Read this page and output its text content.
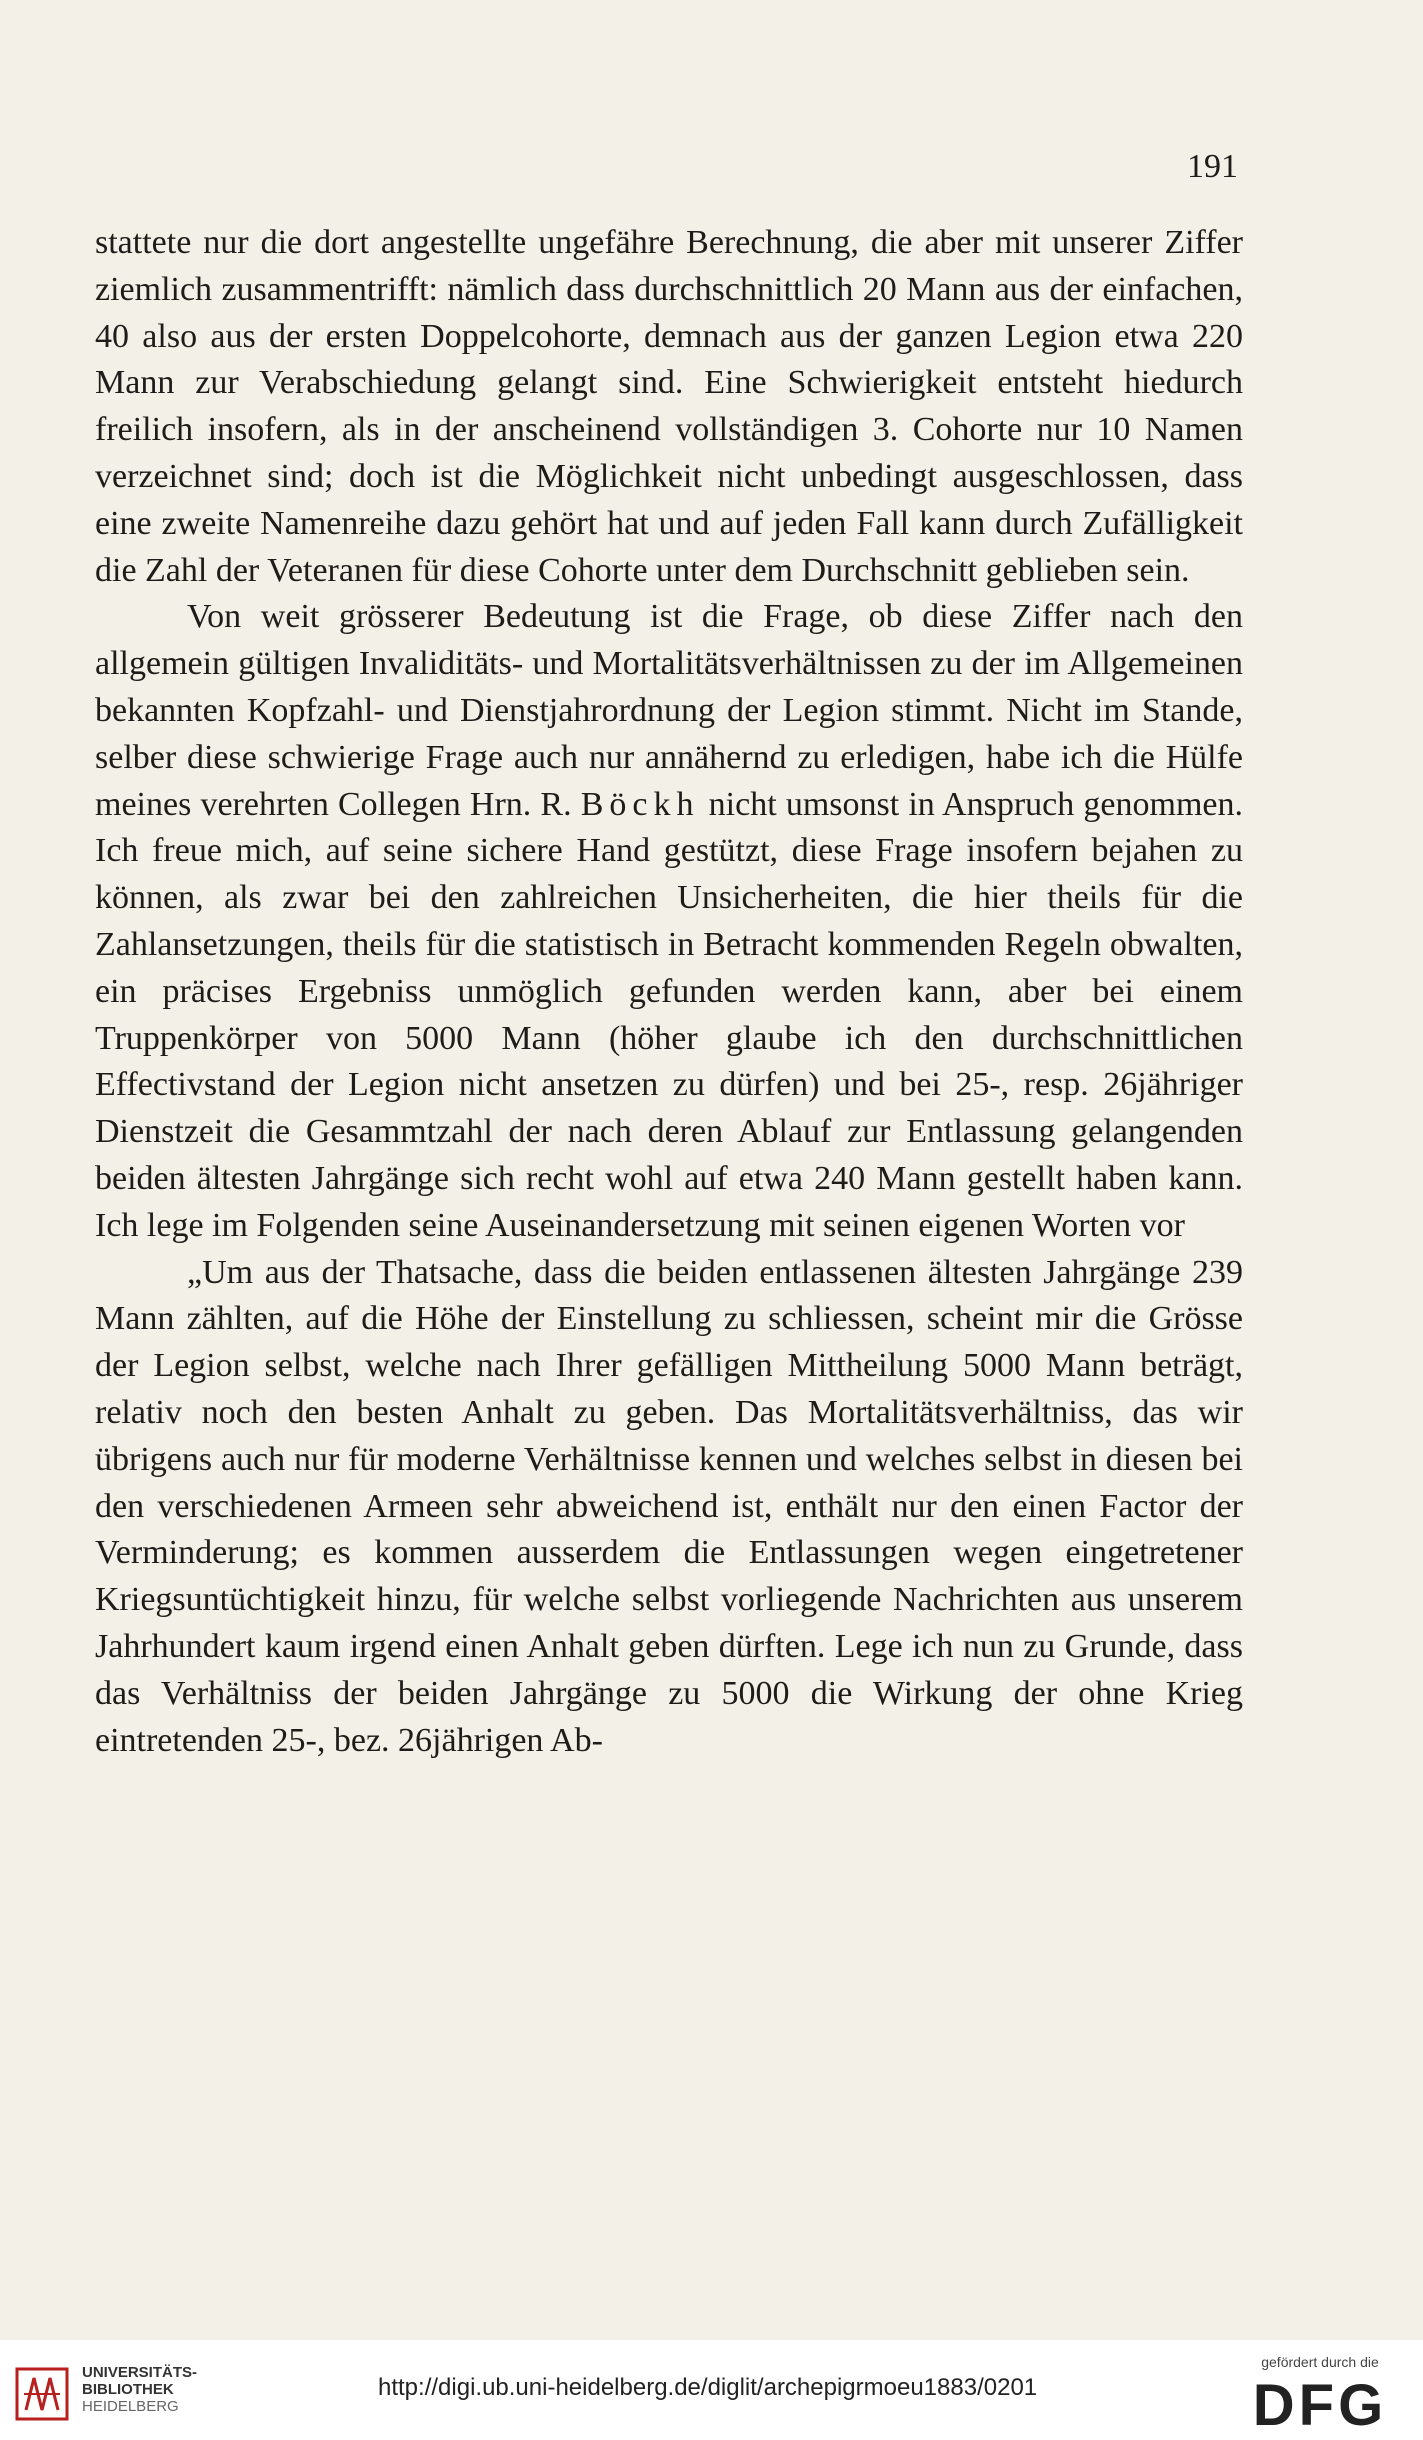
191

stattete nur die dort angestellte ungefähre Berechnung, die aber mit unserer Ziffer ziemlich zusammentrifft: nämlich dass durchschnittlich 20 Mann aus der einfachen, 40 also aus der ersten Doppelcohorte, demnach aus der ganzen Legion etwa 220 Mann zur Verabschiedung gelangt sind. Eine Schwierigkeit entsteht hiedurch freilich insofern, als in der anscheinend vollständigen 3. Cohorte nur 10 Namen verzeichnet sind; doch ist die Möglichkeit nicht unbedingt ausgeschlossen, dass eine zweite Namenreihe dazu gehört hat und auf jeden Fall kann durch Zufälligkeit die Zahl der Veteranen für diese Cohorte unter dem Durchschnitt geblieben sein.

Von weit grösserer Bedeutung ist die Frage, ob diese Ziffer nach den allgemein gültigen Invaliditäts- und Mortalitätsverhältnissen zu der im Allgemeinen bekannten Kopfzahl- und Dienstjahrordnung der Legion stimmt. Nicht im Stande, selber diese schwierige Frage auch nur annähernd zu erledigen, habe ich die Hülfe meines verehrten Collegen Hrn. R. Böckh nicht umsonst in Anspruch genommen. Ich freue mich, auf seine sichere Hand gestützt, diese Frage insofern bejahen zu können, als zwar bei den zahlreichen Unsicherheiten, die hier theils für die Zahlansetzungen, theils für die statistisch in Betracht kommenden Regeln obwalten, ein präcises Ergebniss unmöglich gefunden werden kann, aber bei einem Truppenkörper von 5000 Mann (höher glaube ich den durchschnittlichen Effectivstand der Legion nicht ansetzen zu dürfen) und bei 25-, resp. 26jähriger Dienstzeit die Gesammtzahl der nach deren Ablauf zur Entlassung gelangenden beiden ältesten Jahrgänge sich recht wohl auf etwa 240 Mann gestellt haben kann. Ich lege im Folgenden seine Auseinandersetzung mit seinen eigenen Worten vor

„Um aus der Thatsache, dass die beiden entlassenen ältesten Jahrgänge 239 Mann zählten, auf die Höhe der Einstellung zu schliessen, scheint mir die Grösse der Legion selbst, welche nach Ihrer gefälligen Mittheilung 5000 Mann beträgt, relativ noch den besten Anhalt zu geben. Das Mortalitätsverhältniss, das wir übrigens auch nur für moderne Verhältnisse kennen und welches selbst in diesen bei den verschiedenen Armeen sehr abweichend ist, enthält nur den einen Factor der Verminderung; es kommen ausserdem die Entlassungen wegen eingetretener Kriegsuntüchtigkeit hinzu, für welche selbst vorliegende Nachrichten aus unserem Jahrhundert kaum irgend einen Anhalt geben dürften. Lege ich nun zu Grunde, dass das Verhältniss der beiden Jahrgänge zu 5000 die Wirkung der ohne Krieg eintretenden 25-, bez. 26jährigen Ab-

UNIVERSITÄTS-
BIBLIOTHEK
HEIDELBERG
http://digi.ub.uni-heidelberg.de/diglit/archepigrmoeu1883/0201
gefördert durch die
DFG
